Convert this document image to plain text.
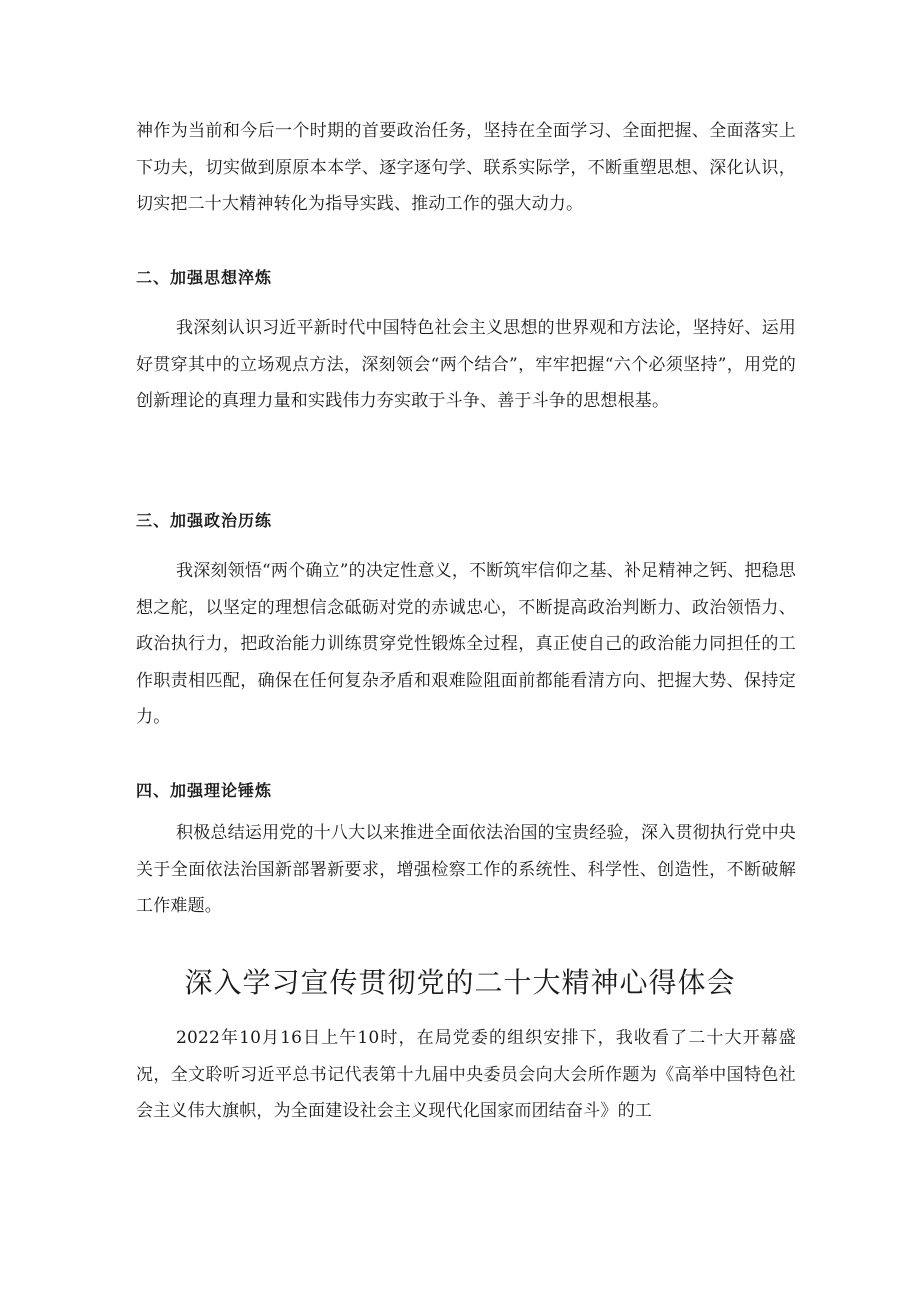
神作为当前和今后一个时期的首要政治任务，坚持在全面学习、全面把握、全面落实上下功夫，切实做到原原本本学、逐字逐句学、联系实际学，不断重塑思想、深化认识，切实把二十大精神转化为指导实践、推动工作的强大动力。

二、加强思想淬炼

我深刻认识习近平新时代中国特色社会主义思想的世界观和方法论，坚持好、运用好贯穿其中的立场观点方法，深刻领会“两个结合”，牢牢把握“六个必须坚持”，用党的创新理论的真理力量和实践伟力夯实敢于斗争、善于斗争的思想根基。

三、加强政治历练

我深刻领悟“两个确立”的决定性意义，不断筑牢信仰之基、补足精神之钙、把稳思想之舵，以坚定的理想信念砥砺对党的赤诚忠心，不断提高政治判断力、政治领悟力、政治执行力，把政治能力训练贯穿党性锻炼全过程，真正使自己的政治能力同担任的工作职责相匹配，确保在任何复杂矛盾和艰难险阻面前都能看清方向、把握大势、保持定力。

四、加强理论锤炼

积极总结运用党的十八大以来推进全面依法治国的宝贵经验，深入贯彻执行党中央关于全面依法治国新部署新要求，增强检察工作的系统性、科学性、创造性，不断破解工作难题。

深入学习宣传贯彻党的二十大精神心得体会

2022年10月16日上午10时，在局党委的组织安排下，我收看了二十大开幕盛况，全文聆听习近平总书记代表第十九届中央委员会向大会所作题为《高举中国特色社会主义伟大旗帜，为全面建设社会主义现代化国家而团结奋斗》的工
